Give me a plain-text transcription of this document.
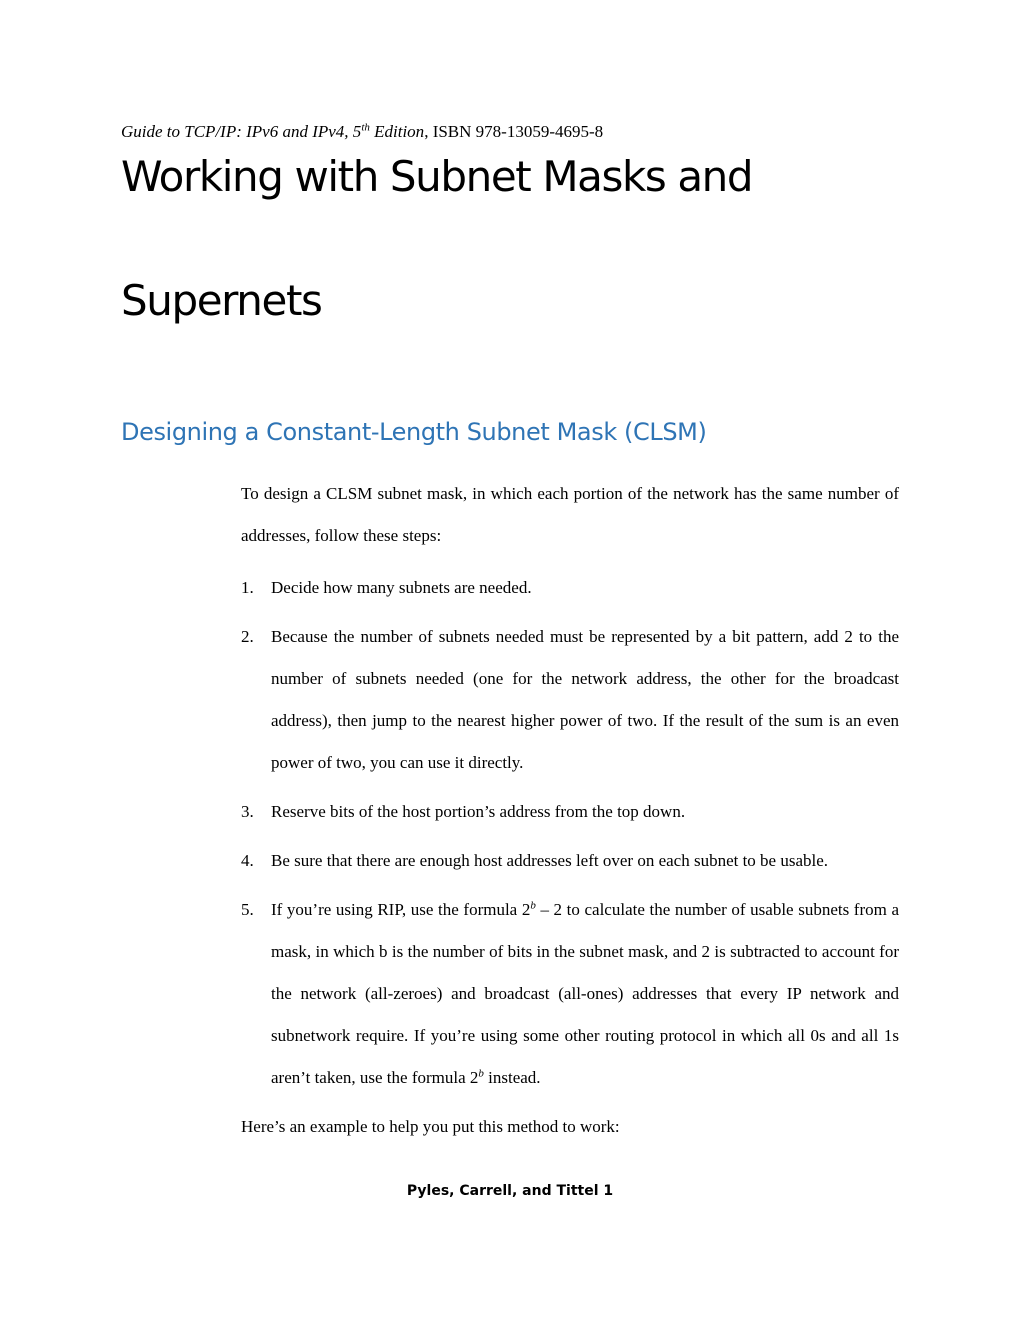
Guide to TCP/IP: IPv6 and IPv4, 5th Edition, ISBN 978-13059-4695-8
Working with Subnet Masks and
Supernets
Designing a Constant-Length Subnet Mask (CLSM)

To design a CLSM subnet mask, in which each portion of the network has the same number of addresses, follow these steps:

1. Decide how many subnets are needed.
2. Because the number of subnets needed must be represented by a bit pattern, add 2 to the number of subnets needed (one for the network address, the other for the broadcast address), then jump to the nearest higher power of two. If the result of the sum is an even power of two, you can use it directly.
3. Reserve bits of the host portion’s address from the top down.
4. Be sure that there are enough host addresses left over on each subnet to be usable.
5. If you’re using RIP, use the formula 2$^b$ – 2 to calculate the number of usable subnets from a mask, in which b is the number of bits in the subnet mask, and 2 is subtracted to account for the network (all-zeroes) and broadcast (all-ones) addresses that every IP network and subnetwork require. If you’re using some other routing protocol in which all 0s and all 1s aren’t taken, use the formula 2$^b$ instead.

Here’s an example to help you put this method to work:

Pyles, Carrell, and Tittel 1
